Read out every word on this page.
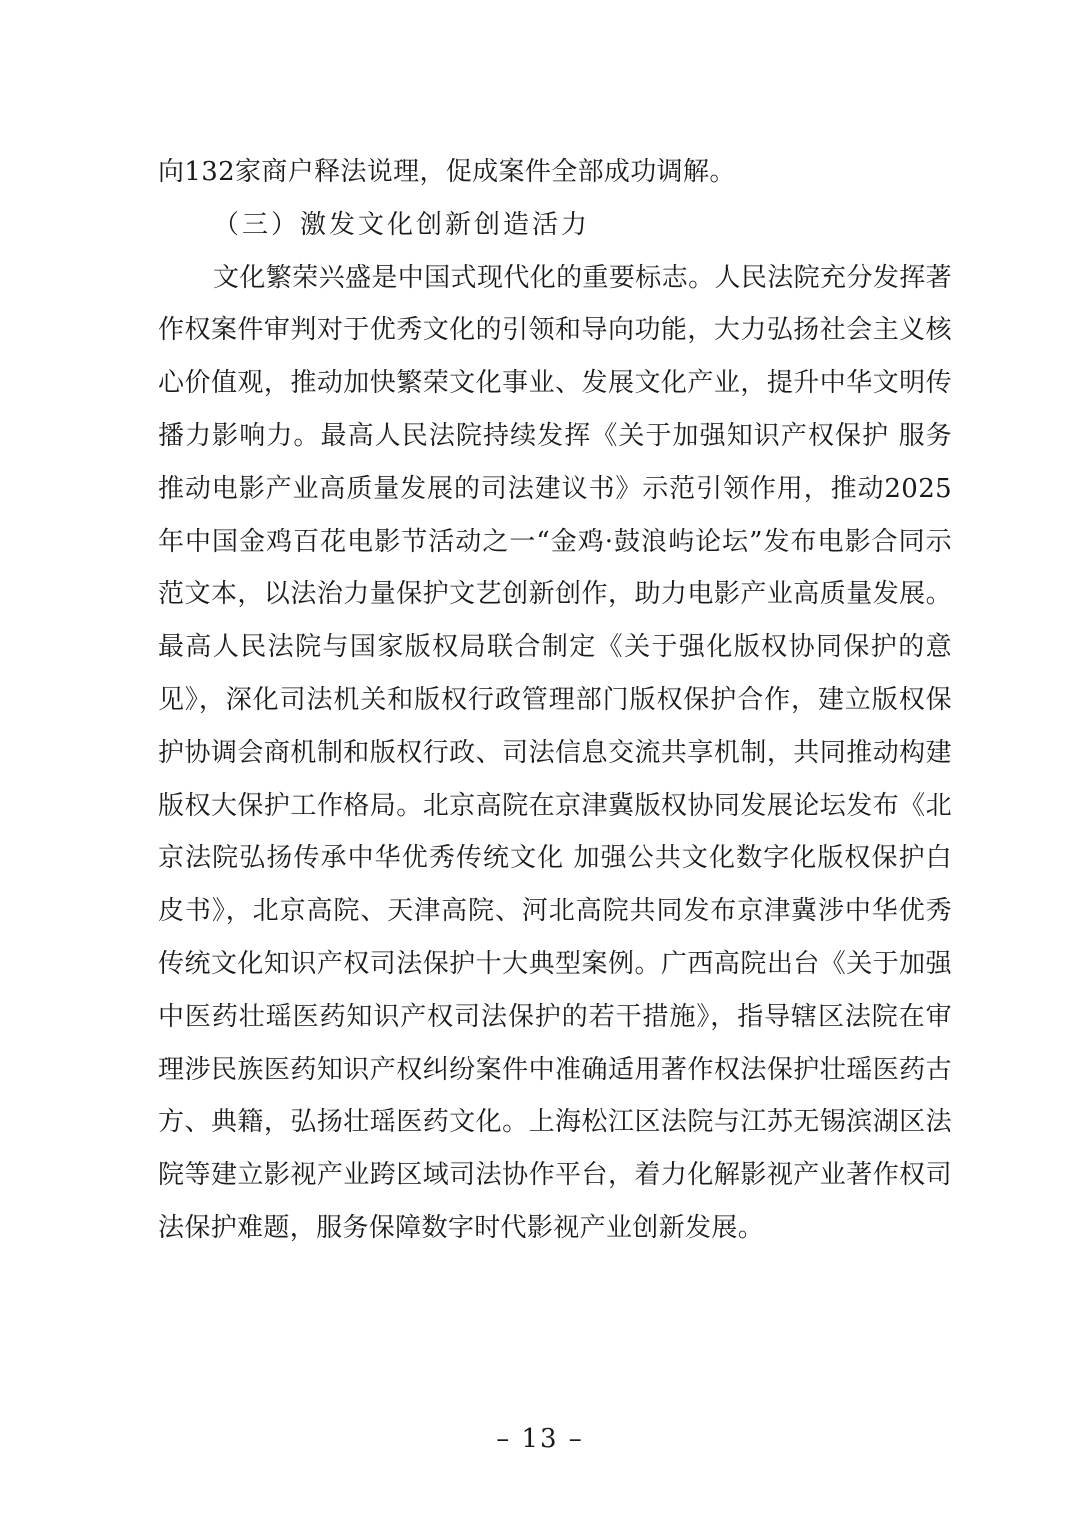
向132家商户释法说理，促成案件全部成功调解。

（三）激发文化创新创造活力

文化繁荣兴盛是中国式现代化的重要标志。人民法院充分发挥著作权案件审判对于优秀文化的引领和导向功能，大力弘扬社会主义核心价值观，推动加快繁荣文化事业、发展文化产业，提升中华文明传播力影响力。最高人民法院持续发挥《关于加强知识产权保护 服务推动电影产业高质量发展的司法建议书》示范引领作用，推动2025年中国金鸡百花电影节活动之一“金鸡·鼓浪屿论坛”发布电影合同示范文本，以法治力量保护文艺创新创作，助力电影产业高质量发展。最高人民法院与国家版权局联合制定《关于强化版权协同保护的意见》，深化司法机关和版权行政管理部门版权保护合作，建立版权保护协调会商机制和版权行政、司法信息交流共享机制，共同推动构建版权大保护工作格局。北京高院在京津冀版权协同发展论坛发布《北京法院弘扬传承中华优秀传统文化 加强公共文化数字化版权保护白皮书》，北京高院、天津高院、河北高院共同发布京津冀涉中华优秀传统文化知识产权司法保护十大典型案例。广西高院出台《关于加强中医药壮瑶医药知识产权司法保护的若干措施》，指导辖区法院在审理涉民族医药知识产权纠纷案件中准确适用著作权法保护壮瑶医药古方、典籍，弘扬壮瑶医药文化。上海松江区法院与江苏无锡滨湖区法院等建立影视产业跨区域司法协作平台，着力化解影视产业著作权司法保护难题，服务保障数字时代影视产业创新发展。

– 13 –
